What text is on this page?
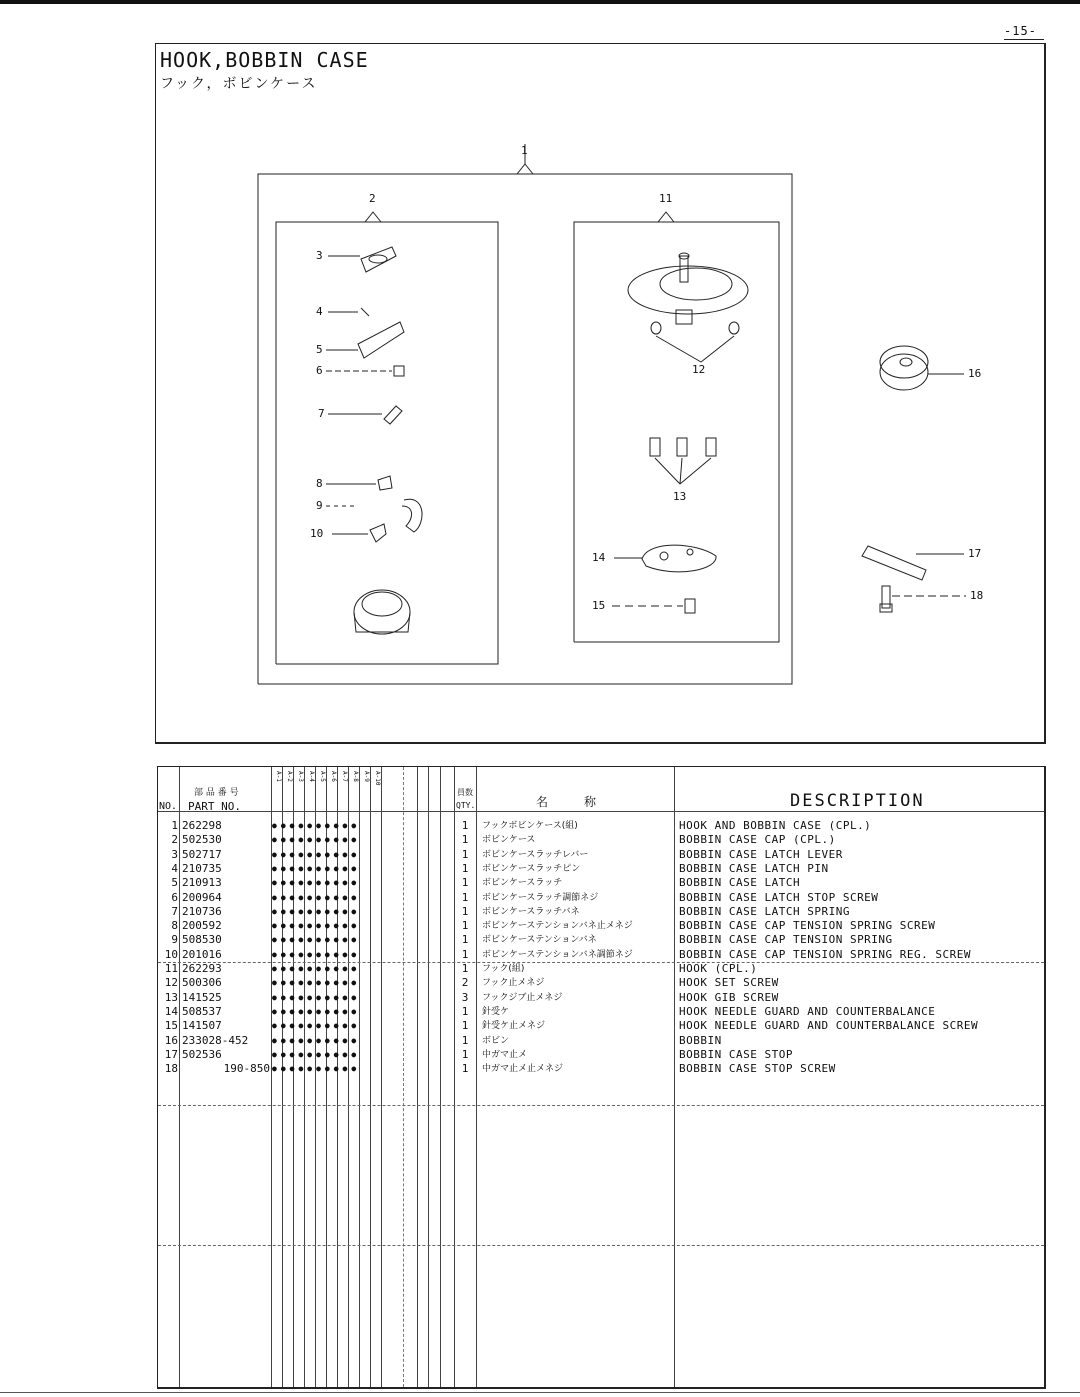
-15-
HOOK,BOBBIN CASE
フック，ボビンケース
1
2
3
4
5
6
7
8
9
10
11
12
13
14
15
16
17
18
A-1 A-2 A-3 A-4 A-5 A-6 A-7 A-8 A-9 A-10
NO.
部 品 番 号
PART NO.
員数
QTY.	名　　　称	DESCRIPTION
1 262298	●●●●●●●●●●	1	フックボビンケース(組)	HOOK AND BOBBIN CASE (CPL.)
2 502530	●●●●●●●●●●	1	ボビンケース	BOBBIN CASE CAP (CPL.)
3 502717	●●●●●●●●●●	1	ボビンケースラッチレバー	BOBBIN CASE LATCH LEVER
4 210735	●●●●●●●●●●	1	ボビンケースラッチピン	BOBBIN CASE LATCH PIN
5 210913	●●●●●●●●●●	1	ボビンケースラッチ	BOBBIN CASE LATCH
6 200964	●●●●●●●●●●	1	ボビンケースラッチ調節ネジ	BOBBIN CASE LATCH STOP SCREW
7 210736	●●●●●●●●●●	1	ボビンケースラッチバネ	BOBBIN CASE LATCH SPRING
8 200592	●●●●●●●●●●	1	ボビンケーステンションバネ止メネジ	BOBBIN CASE CAP TENSION SPRING SCREW
9 508530	●●●●●●●●●●	1	ボビンケーステンションバネ	BOBBIN CASE CAP TENSION SPRING
10 201016	●●●●●●●●●●	1	ボビンケーステンションバネ調節ネジ	BOBBIN CASE CAP TENSION SPRING REG. SCREW
11 262293	●●●●●●●●●●	1	フック(組)	HOOK (CPL.)
12 500306	●●●●●●●●●●	2	フック止メネジ	HOOK SET SCREW
13 141525	●●●●●●●●●●	3	フックジブ止メネジ	HOOK GIB SCREW
14 508537	●●●●●●●●●●	1	針受ケ	HOOK NEEDLE GUARD AND COUNTERBALANCE
15 141507	●●●●●●●●●●	1	針受ケ止メネジ	HOOK NEEDLE GUARD AND COUNTERBALANCE SCREW
16 233028-452	●●●●●●●●●●	1	ボビン	BOBBIN
17 502536	●●●●●●●●●●	1	中ガマ止メ	BOBBIN CASE STOP
18	190-850 ●●●●●●●●●●	1	中ガマ止メ止メネジ	BOBBIN CASE STOP SCREW
